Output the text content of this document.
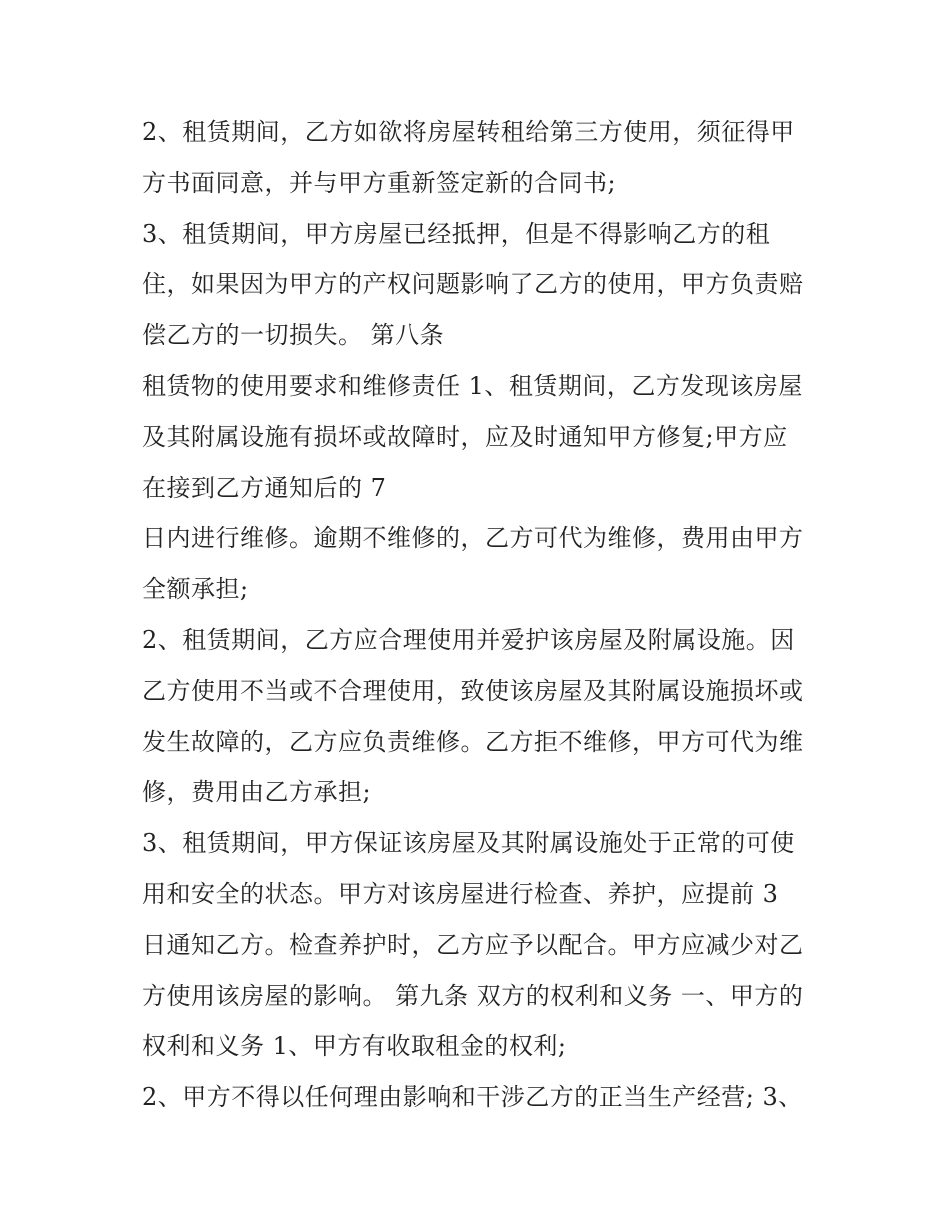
2、租赁期间，乙方如欲将房屋转租给第三方使用，须征得甲
方书面同意，并与甲方重新签定新的合同书;
3、租赁期间，甲方房屋已经抵押，但是不得影响乙方的租
住，如果因为甲方的产权问题影响了乙方的使用，甲方负责赔
偿乙方的一切损失。 第八条
租赁物的使用要求和维修责任 1、租赁期间，乙方发现该房屋
及其附属设施有损坏或故障时，应及时通知甲方修复;甲方应
在接到乙方通知后的 7
日内进行维修。逾期不维修的，乙方可代为维修，费用由甲方
全额承担;
2、租赁期间，乙方应合理使用并爱护该房屋及附属设施。因
乙方使用不当或不合理使用，致使该房屋及其附属设施损坏或
发生故障的，乙方应负责维修。乙方拒不维修，甲方可代为维
修，费用由乙方承担;
3、租赁期间，甲方保证该房屋及其附属设施处于正常的可使
用和安全的状态。甲方对该房屋进行检查、养护，应提前 3
日通知乙方。检查养护时，乙方应予以配合。甲方应减少对乙
方使用该房屋的影响。 第九条 双方的权利和义务 一、甲方的
权利和义务 1、甲方有收取租金的权利;
2、甲方不得以任何理由影响和干涉乙方的正当生产经营; 3、
